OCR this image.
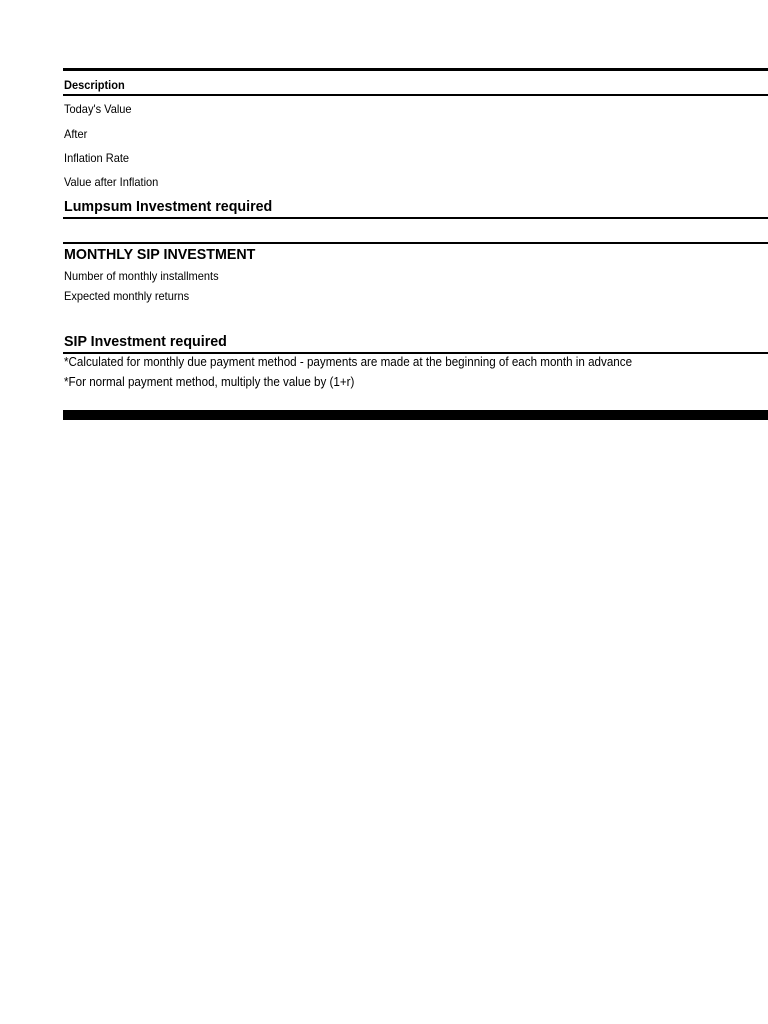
Description
Today's Value
After
Inflation Rate
Value after Inflation
Lumpsum Investment required
MONTHLY SIP INVESTMENT
Number of monthly installments
Expected monthly returns
SIP Investment required
*Calculated for monthly due payment method - payments are made at the beginning of each month in advance
*For normal payment method, multiply the value by (1+r)
